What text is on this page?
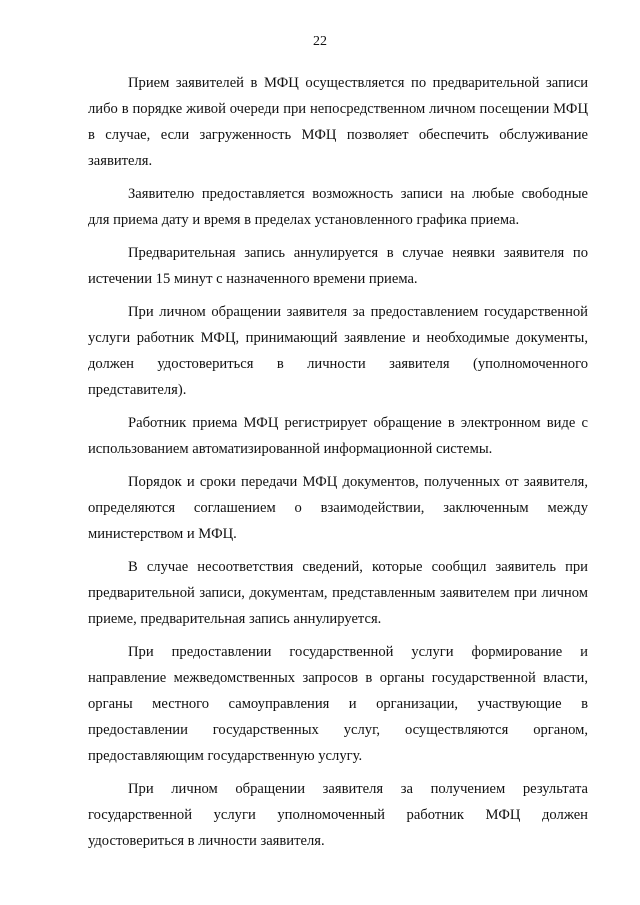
22

Прием заявителей в МФЦ осуществляется по предварительной записи либо в порядке живой очереди при непосредственном личном посещении МФЦ в случае, если загруженность МФЦ позволяет обеспечить обслуживание заявителя.

Заявителю предоставляется возможность записи на любые свободные для приема дату и время в пределах установленного графика приема.

Предварительная запись аннулируется в случае неявки заявителя по истечении 15 минут с назначенного времени приема.

При личном обращении заявителя за предоставлением государственной услуги работник МФЦ, принимающий заявление и необходимые документы, должен удостовериться в личности заявителя (уполномоченного представителя).

Работник приема МФЦ регистрирует обращение в электронном виде с использованием автоматизированной информационной системы.

Порядок и сроки передачи МФЦ документов, полученных от заявителя, определяются соглашением о взаимодействии, заключенным между министерством и МФЦ.

В случае несоответствия сведений, которые сообщил заявитель при предварительной записи, документам, представленным заявителем при личном приеме, предварительная запись аннулируется.

При предоставлении государственной услуги формирование и направление межведомственных запросов в органы государственной власти, органы местного самоуправления и организации, участвующие в предоставлении государственных услуг, осуществляются органом, предоставляющим государственную услугу.

При личном обращении заявителя за получением результата государственной услуги уполномоченный работник МФЦ должен удостовериться в личности заявителя.
